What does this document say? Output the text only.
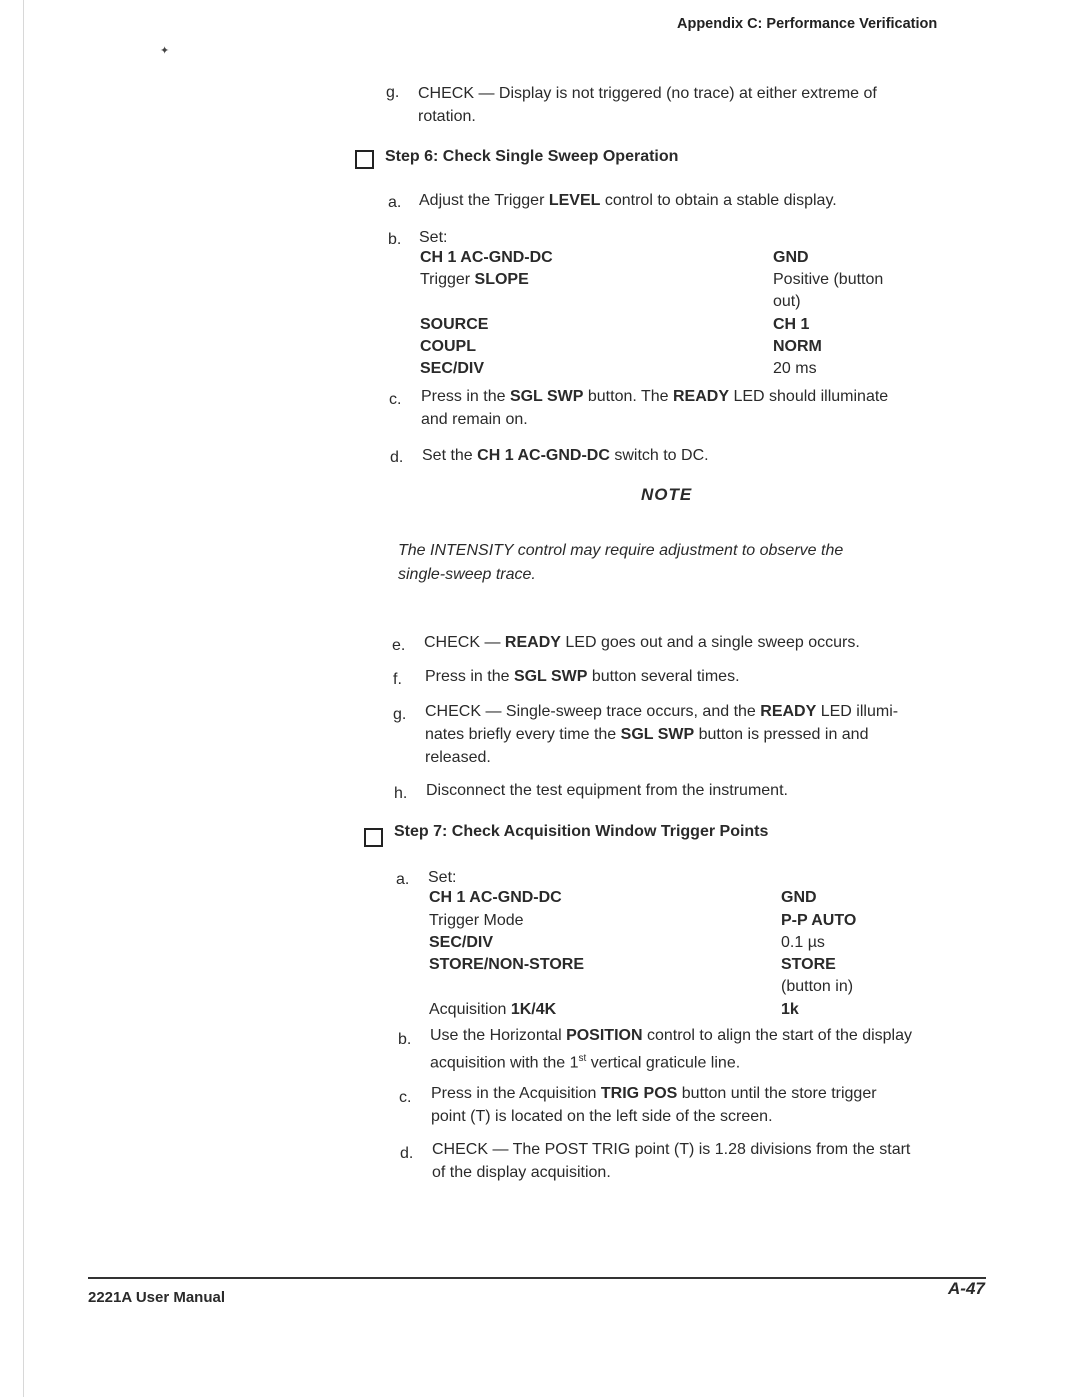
✦
Appendix C: Performance Verification
g. CHECK — Display is not triggered (no trace) at either extreme of
rotation.
Step 6: Check Single Sweep Operation
a. Adjust the Trigger LEVEL control to obtain a stable display.
b. Set:
CH 1 AC-GND-DC	GND
Trigger SLOPE	Positive (button
out)
SOURCE	CH 1
COUPL	NORM
SEC/DIV	20 ms
c. Press in the SGL SWP button. The READY LED should illuminate
and remain on.
d. Set the CH 1 AC-GND-DC switch to DC.
NOTE
The INTENSITY control may require adjustment to observe the
single-sweep trace.
e. CHECK — READY LED goes out and a single sweep occurs.
f. Press in the SGL SWP button several times.
g. CHECK — Single-sweep trace occurs, and the READY LED illumi-
nates briefly every time the SGL SWP button is pressed in and
released.
h. Disconnect the test equipment from the instrument.
Step 7: Check Acquisition Window Trigger Points
a. Set:
CH 1 AC-GND-DC	GND
Trigger Mode	P-P AUTO
SEC/DIV	0.1 µs
STORE/NON-STORE	STORE
(button in)
Acquisition 1K/4K	1k
b. Use the Horizontal POSITION control to align the start of the display
acquisition with the 1st vertical graticule line.
c. Press in the Acquisition TRIG POS button until the store trigger
point (T) is located on the left side of the screen.
d. CHECK — The POST TRIG point (T) is 1.28 divisions from the start
of the display acquisition.
2221A User Manual	A-47
